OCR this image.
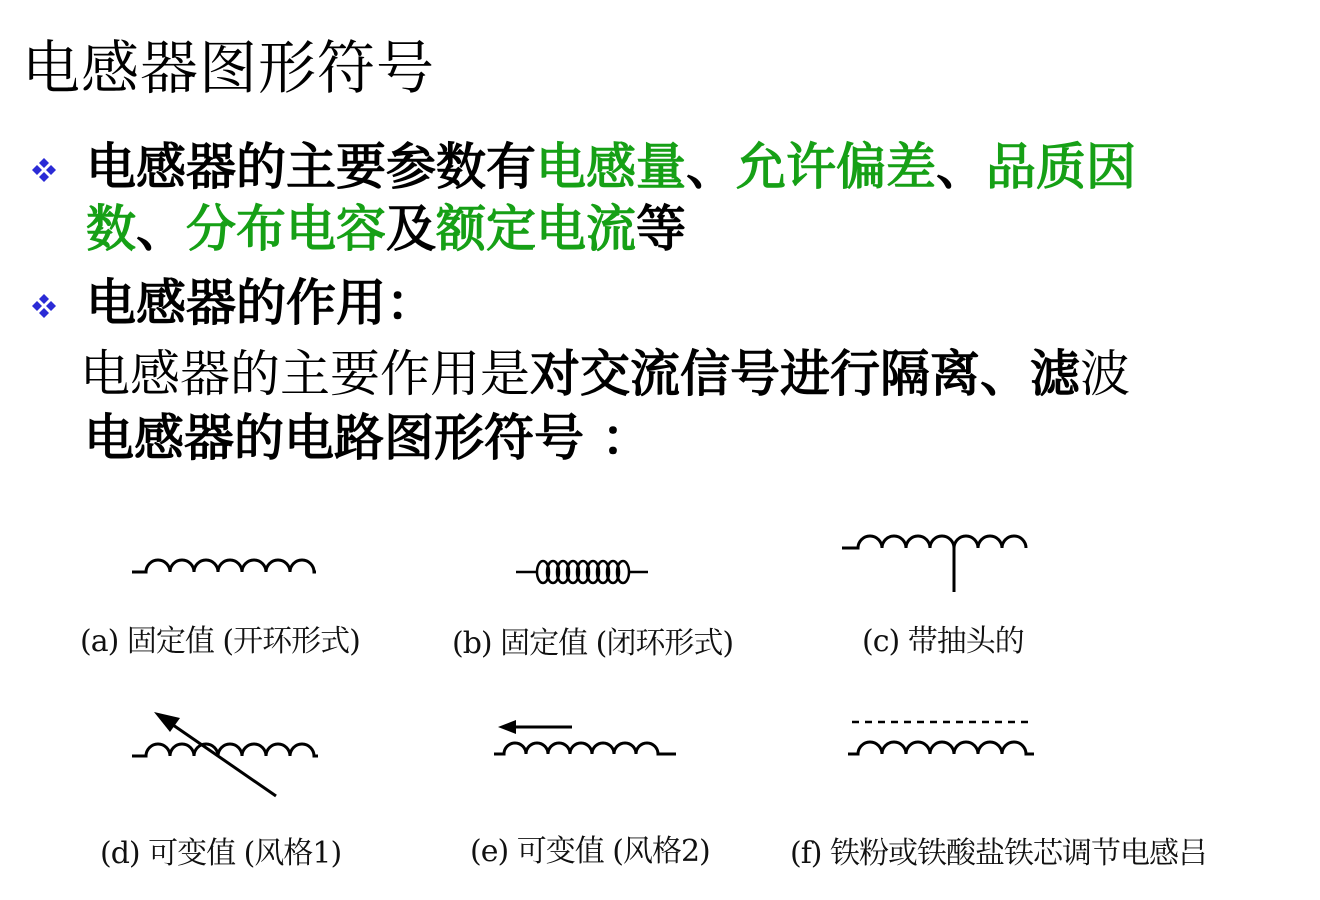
电感器图形符号
电感器的主要参数有电感量、允许偏差、品质因
数、分布电容及额定电流等
电感器的作用：
电感器的主要作用是对交流信号进行隔离、滤波
电感器的电路图形符号 ：
(a) 固定值 (开环形式)	(b) 固定值 (闭环形式)	(c) 带抽头的
(d) 可变值 (风格1)	(e) 可变值 (风格2)	(f) 铁粉或铁酸盐铁芯调节电感吕
